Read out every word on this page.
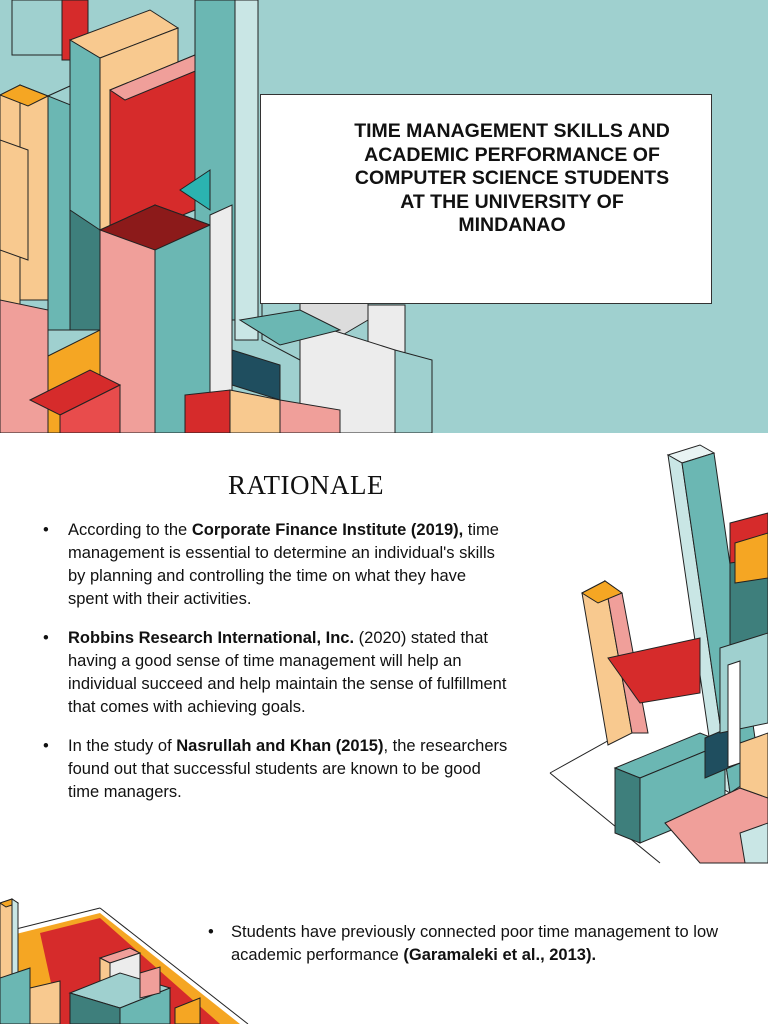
TIME MANAGEMENT SKILLS AND
ACADEMIC PERFORMANCE OF
COMPUTER SCIENCE STUDENTS
AT THE UNIVERSITY OF
MINDANAO
RATIONALE
• According to the Corporate Finance Institute (2019), time management is essential to determine an individual's skills by planning and controlling the time on what they have spent with their activities.
• Robbins Research International, Inc. (2020) stated that having a good sense of time management will help an individual succeed and help maintain the sense of fulfillment that comes with achieving goals.
• In the study of Nasrullah and Khan (2015), the researchers found out that successful students are known to be good time managers.
• Students have previously connected poor time management to low academic performance (Garamaleki et al., 2013).
